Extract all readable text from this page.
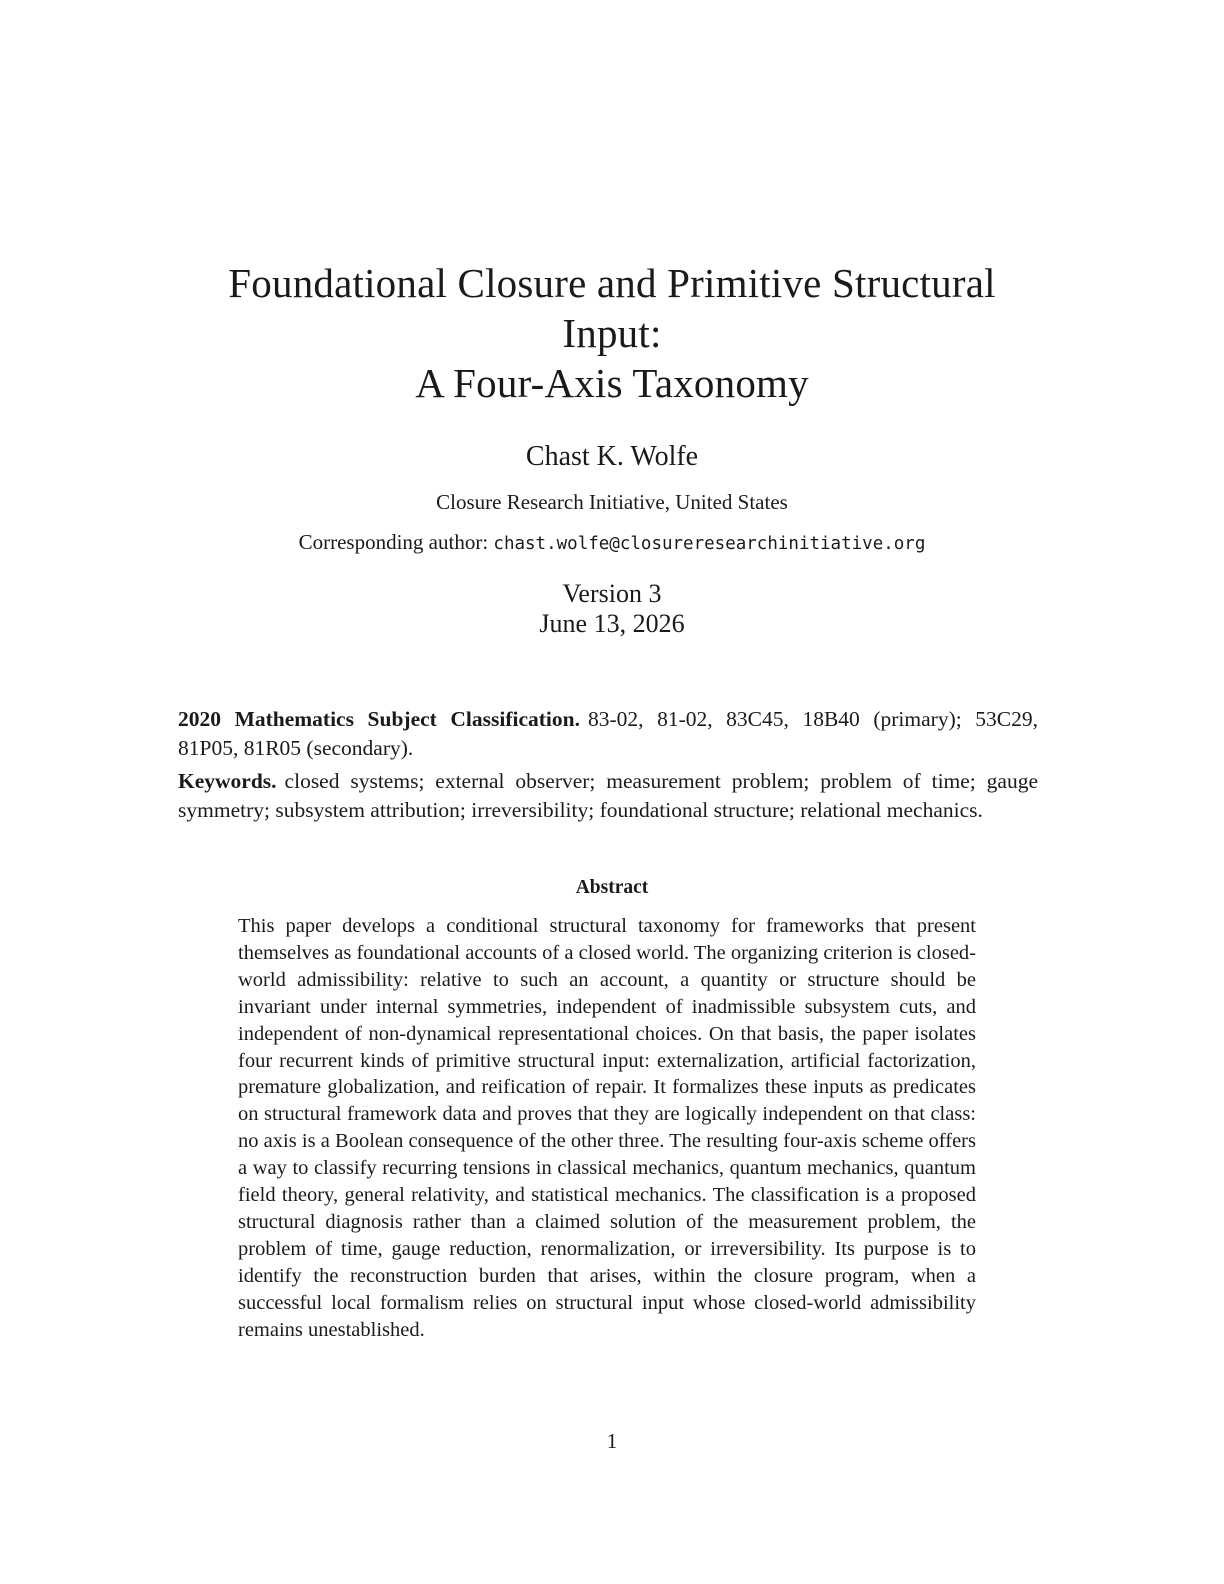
Foundational Closure and Primitive Structural
Input:
A Four-Axis Taxonomy
Chast K. Wolfe
Closure Research Initiative, United States
Corresponding author: chast.wolfe@closureresearchinitiative.org
Version 3
June 13, 2026
2020 Mathematics Subject Classification. 83-02, 81-02, 83C45, 18B40 (primary); 53C29, 81P05, 81R05 (secondary).
Keywords. closed systems; external observer; measurement problem; problem of time; gauge symmetry; subsystem attribution; irreversibility; foundational structure; relational mechanics.
Abstract
This paper develops a conditional structural taxonomy for frameworks that present themselves as foundational accounts of a closed world. The organizing criterion is closed-world admissibility: relative to such an account, a quantity or structure should be invariant under internal symmetries, independent of inadmissible subsystem cuts, and independent of non-dynamical representational choices. On that basis, the paper isolates four recurrent kinds of primitive structural input: externalization, artificial factorization, premature globalization, and reification of repair. It formalizes these inputs as predicates on structural framework data and proves that they are logically independent on that class: no axis is a Boolean consequence of the other three. The resulting four-axis scheme offers a way to classify recurring tensions in classical mechanics, quantum mechanics, quantum field theory, general relativity, and statistical mechanics. The classification is a proposed structural diagnosis rather than a claimed solution of the measurement problem, the problem of time, gauge reduction, renormalization, or irreversibility. Its purpose is to identify the reconstruction burden that arises, within the closure program, when a successful local formalism relies on structural input whose closed-world admissibility remains unestablished.
1
